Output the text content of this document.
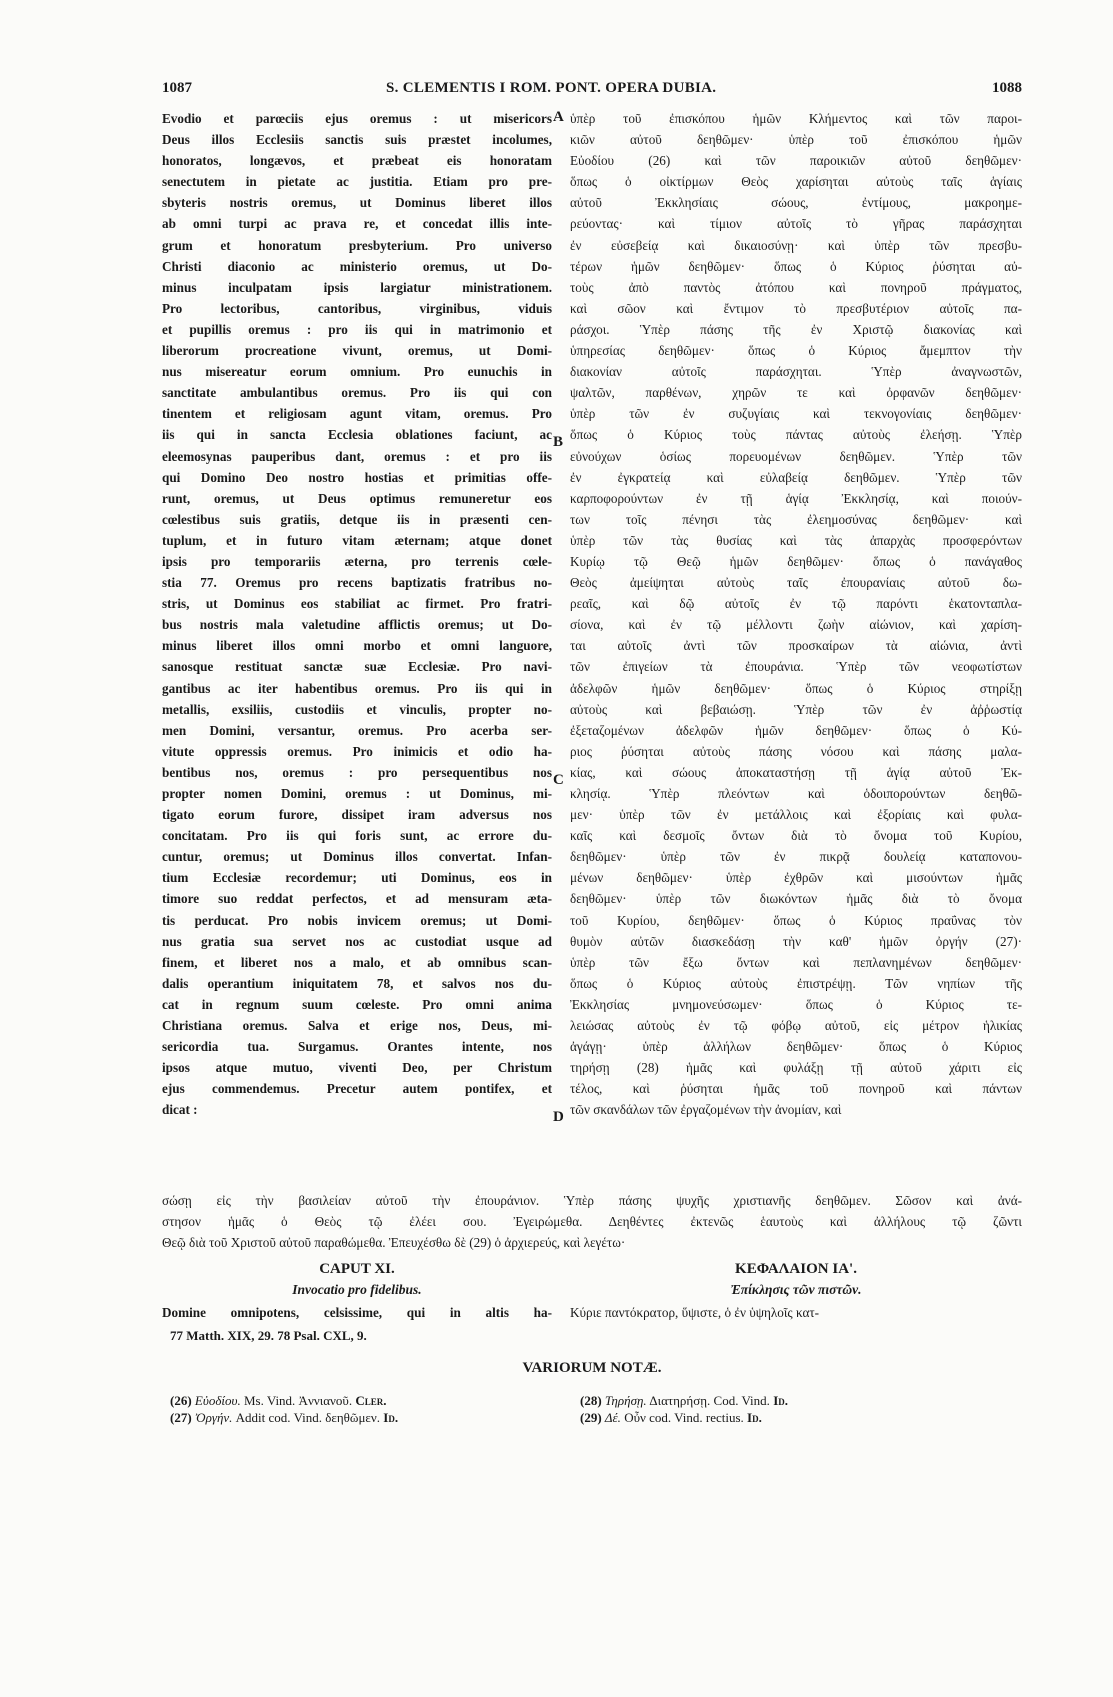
1087	S. CLEMENTIS I ROM. PONT. OPERA DUBIA.	1088
Evodio et parœciis ejus oremus : ut misericors
Deus illos Ecclesiis sanctis suis præstet incolumes,
honoratos, longævos, et præbeat eis honoratam
senectutem in pietate ac justitia. Etiam pro pre-
sbyteris nostris oremus, ut Dominus liberet illos
ab omni turpi ac prava re, et concedat illis inte-
grum et honoratum presbyterium. Pro universo
Christi diaconio ac ministerio oremus, ut Do-
minus inculpatam ipsis largiatur ministrationem.
Pro lectoribus, cantoribus, virginibus, viduis
et pupillis oremus : pro iis qui in matrimonio et
liberorum procreatione vivunt, oremus, ut Domi-
nus misereatur eorum omnium. Pro eunuchis in
sanctitate ambulantibus oremus. Pro iis qui con
tinentem et religiosam agunt vitam, oremus. Pro
iis qui in sancta Ecclesia oblationes faciunt, ac
eleemosynas pauperibus dant, oremus : et pro iis
qui Domino Deo nostro hostias et primitias offe-
runt, oremus, ut Deus optimus remuneretur eos
cœlestibus suis gratiis, detque iis in præsenti cen-
tuplum, et in futuro vitam æternam; atque donet
ipsis pro temporariis æterna, pro terrenis cœle-
stia 77. Oremus pro recens baptizatis fratribus no-
stris, ut Dominus eos stabiliat ac firmet. Pro fratri-
bus nostris mala valetudine afflictis oremus; ut Do-
minus liberet illos omni morbo et omni languore,
sanosque restituat sanctæ suæ Ecclesiæ. Pro navi-
gantibus ac iter habentibus oremus. Pro iis qui in
metallis, exsiliis, custodiis et vinculis, propter no-
men Domini, versantur, oremus. Pro acerba ser-
vitute oppressis oremus. Pro inimicis et odio ha-
bentibus nos, oremus : pro persequentibus nos
propter nomen Domini, oremus : ut Dominus, mi-
tigato eorum furore, dissipet iram adversus nos
concitatam. Pro iis qui foris sunt, ac errore du-
cuntur, oremus; ut Dominus illos convertat. Infan-
tium Ecclesiæ recordemur; uti Dominus, eos in
timore suo reddat perfectos, et ad mensuram æta-
tis perducat. Pro nobis invicem oremus; ut Domi-
nus gratia sua servet nos ac custodiat usque ad
finem, et liberet nos a malo, et ab omnibus scan-
dalis operantium iniquitatem 78, et salvos nos du-
cat in regnum suum cœleste. Pro omni anima
Christiana oremus. Salva et erige nos, Deus, mi-
sericordia tua. Surgamus. Orantes intente, nos
ipsos atque mutuo, viventi Deo, per Christum
ejus commendemus. Precetur autem pontifex, et
dicat :
ὑπὲρ τοῦ ἐπισκόπου ἡμῶν Κλήμεντος καὶ τῶν παροι-
κιῶν αὐτοῦ δεηθῶμεν· ὑπὲρ τοῦ ἐπισκόπου ἡμῶν
Εὐοδίου (26) καὶ τῶν παροικιῶν αὐτοῦ δεηθῶμεν·
ὅπως ὁ οἰκτίρμων Θεὸς χαρίσηται αὐτοὺς ταῖς ἁγίαις
αὐτοῦ Ἐκκλησίαις σώους, ἐντίμους, μακροημε-
ρεύοντας· καὶ τίμιον αὐτοῖς τὸ γῆρας παράσχηται
ἐν εὐσεβείᾳ καὶ δικαιοσύνῃ· καὶ ὑπὲρ τῶν πρεσβυ-
τέρων ἡμῶν δεηθῶμεν· ὅπως ὁ Κύριος ῥύσηται αὐ-
τοὺς ἀπὸ παντὸς ἀτόπου καὶ πονηροῦ πράγματος,
καὶ σῶον καὶ ἔντιμον τὸ πρεσβυτέριον αὐτοῖς πα-
ράσχοι. Ὑπὲρ πάσης τῆς ἐν Χριστῷ διακονίας καὶ
ὑπηρεσίας δεηθῶμεν· ὅπως ὁ Κύριος ἄμεμπτον τὴν
διακονίαν αὐτοῖς παράσχηται. Ὑπὲρ ἀναγνωστῶν,
ψαλτῶν, παρθένων, χηρῶν τε καὶ ὀρφανῶν δεηθῶμεν·
ὑπὲρ τῶν ἐν συζυγίαις καὶ τεκνογονίαις δεηθῶμεν·
ὅπως ὁ Κύριος τοὺς πάντας αὐτοὺς ἐλεήσῃ. Ὑπὲρ
εὐνούχων ὁσίως πορευομένων δεηθῶμεν. Ὑπὲρ τῶν
ἐν ἐγκρατείᾳ καὶ εὐλαβείᾳ δεηθῶμεν. Ὑπὲρ τῶν
καρποφορούντων ἐν τῇ ἁγίᾳ Ἐκκλησίᾳ, καὶ ποιούν-
των τοῖς πένησι τὰς ἐλεημοσύνας δεηθῶμεν· καὶ
ὑπὲρ τῶν τὰς θυσίας καὶ τὰς ἀπαρχὰς προσφερόντων
Κυρίῳ τῷ Θεῷ ἡμῶν δεηθῶμεν· ὅπως ὁ πανάγαθος
Θεὸς ἀμείψηται αὐτοὺς ταῖς ἐπουρανίαις αὐτοῦ δω-
ρεαῖς, καὶ δῷ αὐτοῖς ἐν τῷ παρόντι ἑκατονταπλα-
σίονα, καὶ ἐν τῷ μέλλοντι ζωὴν αἰώνιον, καὶ χαρίση-
ται αὐτοῖς ἀντὶ τῶν προσκαίρων τὰ αἰώνια, ἀντὶ
τῶν ἐπιγείων τὰ ἐπουράνια. Ὑπὲρ τῶν νεοφωτίστων
ἀδελφῶν ἡμῶν δεηθῶμεν· ὅπως ὁ Κύριος στηρίξῃ
αὐτοὺς καὶ βεβαιώσῃ. Ὑπὲρ τῶν ἐν ἀῤῥωστίᾳ
ἐξεταζομένων ἀδελφῶν ἡμῶν δεηθῶμεν· ὅπως ὁ Κύ-
ριος ῥύσηται αὐτοὺς πάσης νόσου καὶ πάσης μαλα-
κίας, καὶ σώους ἀποκαταστήσῃ τῇ ἁγίᾳ αὐτοῦ Ἐκ-
κλησίᾳ. Ὑπὲρ πλεόντων καὶ ὁδοιπορούντων δεηθῶ-
μεν· ὑπὲρ τῶν ἐν μετάλλοις καὶ ἐξορίαις καὶ φυλα-
καῖς καὶ δεσμοῖς ὄντων διὰ τὸ ὄνομα τοῦ Κυρίου,
δεηθῶμεν· ὑπὲρ τῶν ἐν πικρᾷ δουλείᾳ καταπονου-
μένων δεηθῶμεν· ὑπὲρ ἐχθρῶν καὶ μισούντων ἡμᾶς
δεηθῶμεν· ὑπὲρ τῶν διωκόντων ἡμᾶς διὰ τὸ ὄνομα
τοῦ Κυρίου, δεηθῶμεν· ὅπως ὁ Κύριος πραΰνας τὸν
θυμὸν αὐτῶν διασκεδάσῃ τὴν καθ' ἡμῶν ὀργήν (27)·
ὑπὲρ τῶν ἔξω ὄντων καὶ πεπλανημένων δεηθῶμεν·
ὅπως ὁ Κύριος αὐτοὺς ἐπιστρέψῃ. Τῶν νηπίων τῆς
Ἐκκλησίας μνημονεύσωμεν· ὅπως ὁ Κύριος τε-
λειώσας αὐτοὺς ἐν τῷ φόβῳ αὐτοῦ, εἰς μέτρον ἡλικίας
ἀγάγῃ· ὑπὲρ ἀλλήλων δεηθῶμεν· ὅπως ὁ Κύριος
τηρήσῃ (28) ἡμᾶς καὶ φυλάξῃ τῇ αὐτοῦ χάριτι εἰς
τέλος, καὶ ῥύσηται ἡμᾶς τοῦ πονηροῦ καὶ πάντων
τῶν σκανδάλων τῶν ἐργαζομένων τὴν ἀνομίαν, καὶ
A
B
C
D
σώσῃ εἰς τὴν βασιλείαν αὐτοῦ τὴν ἐπουράνιον. Ὑπὲρ πάσης ψυχῆς χριστιανῆς δεηθῶμεν. Σῶσον καὶ ἀνά-
στησον ἡμᾶς ὁ Θεὸς τῷ ἐλέει σου. Ἐγειρώμεθα. Δεηθέντες ἐκτενῶς ἑαυτοὺς καὶ ἀλλήλους τῷ ζῶντι
Θεῷ διὰ τοῦ Χριστοῦ αὐτοῦ παραθώμεθα. Ἐπευχέσθω δὲ (29) ὁ ἀρχιερεύς, καὶ λεγέτω·
CAPUT XI.
Invocatio pro fidelibus.
ΚΕΦΑΛΑΙΟΝ ΙΑ'.
Ἐπίκλησις τῶν πιστῶν.
Domine omnipotens, celsissime, qui in altis ha- Κύριε παντόκρατορ, ὕψιστε, ὁ ἐν ὑψηλοῖς κατ-
77 Matth. XIX, 29. 78 Psal. CXL, 9.
VARIORUM NOTÆ.
(26) Εὐοδίου. Ms. Vind. Ἀννιανοῦ. Cler.
(27) Ὀργήν. Addit cod. Vind. δεηθῶμεν. Id.
(28) Τηρήσῃ. Διατηρήσῃ. Cod. Vind. Id.
(29) Δέ. Οὖν cod. Vind. rectius. Id.
